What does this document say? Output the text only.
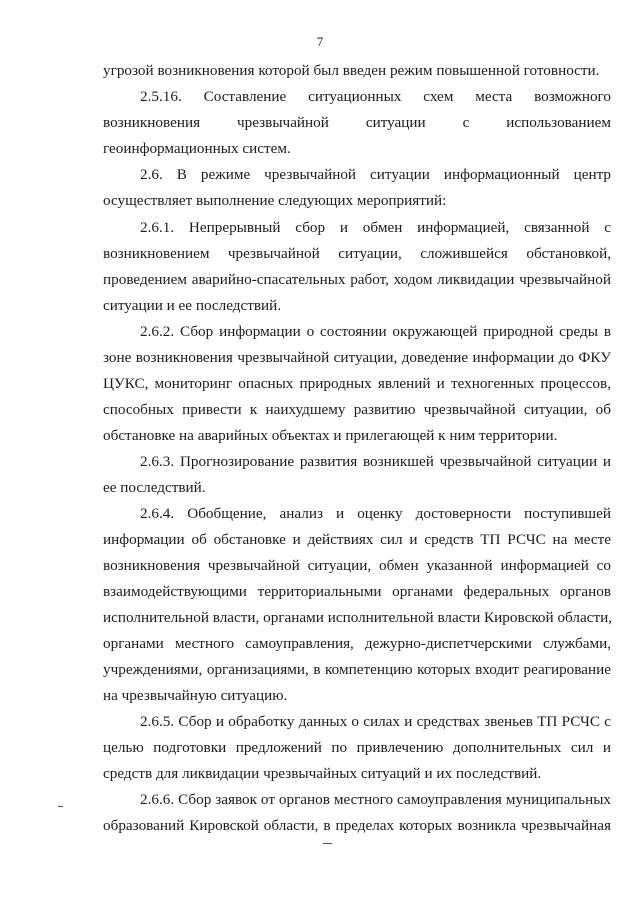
7
угрозой возникновения которой был введен режим повышенной готовности.
2.5.16. Составление ситуационных схем места возможного
возникновения чрезвычайной ситуации с использованием
геоинформационных систем.
2.6. В режиме чрезвычайной ситуации информационный центр
осуществляет выполнение следующих мероприятий:
2.6.1. Непрерывный сбор и обмен информацией, связанной с
возникновением чрезвычайной ситуации, сложившейся обстановкой,
проведением аварийно-спасательных работ, ходом ликвидации чрезвычайной
ситуации и ее последствий.
2.6.2. Сбор информации о состоянии окружающей природной среды в
зоне возникновения чрезвычайной ситуации, доведение информации до ФКУ
ЦУКС, мониторинг опасных природных явлений и техногенных процессов,
способных привести к наихудшему развитию чрезвычайной ситуации, об
обстановке на аварийных объектах и прилегающей к ним территории.
2.6.3. Прогнозирование развития возникшей чрезвычайной ситуации и
ее последствий.
2.6.4. Обобщение, анализ и оценку достоверности поступившей
информации об обстановке и действиях сил и средств ТП РСЧС на месте
возникновения чрезвычайной ситуации, обмен указанной информацией со
взаимодействующими территориальными органами федеральных органов
исполнительной власти, органами исполнительной власти Кировской области,
органами местного самоуправления, дежурно-диспетчерскими службами,
учреждениями, организациями, в компетенцию которых входит реагирование
на чрезвычайную ситуацию.
2.6.5. Сбор и обработку данных о силах и средствах звеньев ТП РСЧС с
целью подготовки предложений по привлечению дополнительных сил и
средств для ликвидации чрезвычайных ситуаций и их последствий.
2.6.6. Сбор заявок от органов местного самоуправления муниципальных
образований Кировской области, в пределах которых возникла чрезвычайная
